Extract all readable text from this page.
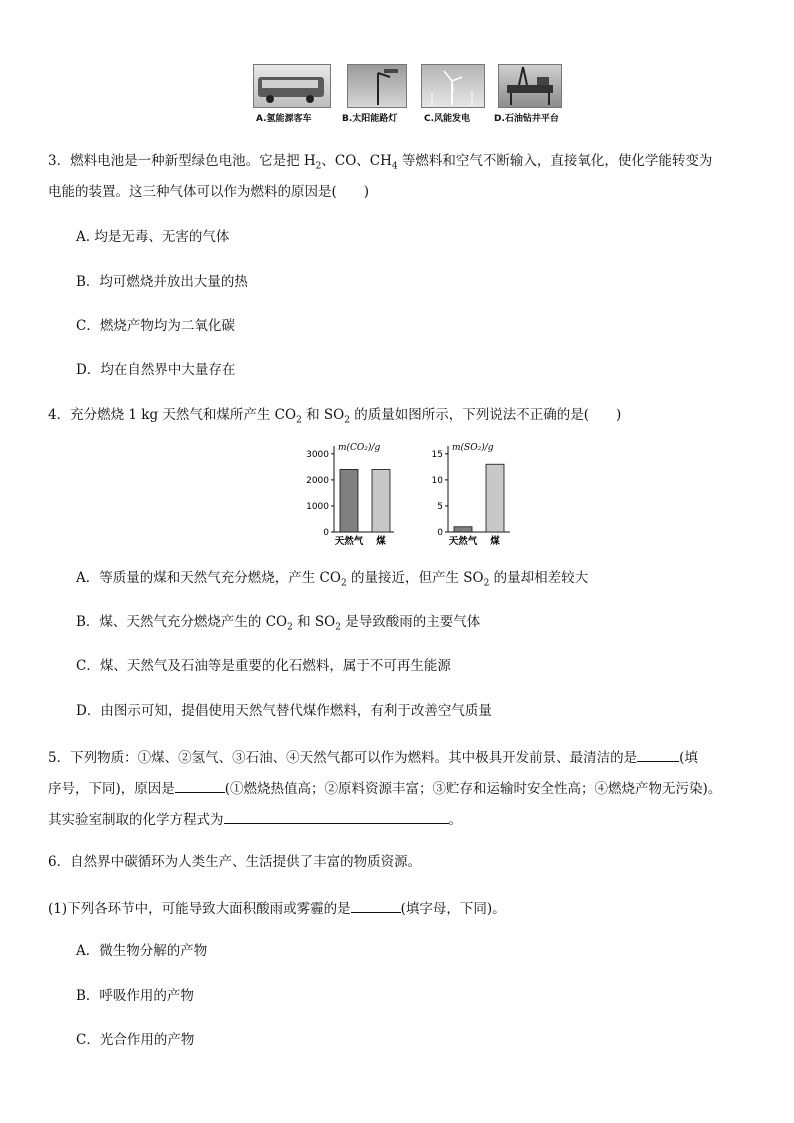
A.氢能源客车	B.太阳能路灯	C.风能发电	D.石油钻井平台
3．燃料电池是一种新型绿色电池。它是把 $H_2$、CO、$CH_4$ 等燃料和空气不断输入，直接氧化，使化学能转变为
电能的装置。这三种气体可以作为燃料的原因是(　　)
A. 均是无毒、无害的气体
B．均可燃烧并放出大量的热
C．燃烧产物均为二氧化碳
D．均在自然界中大量存在
4．充分燃烧 1 kg 天然气和煤所产生 $CO_2$ 和 $SO_2$ 的质量如图所示，下列说法不正确的是(　　)
m(CO₂)/g
0
1000
2000
3000
天然气 煤
m(SO₂)/g
0
5
10
15
天然气 煤
A．等质量的煤和天然气充分燃烧，产生 $CO_2$ 的量接近，但产生 $SO_2$ 的量却相差较大
B．煤、天然气充分燃烧产生的 $CO_2$ 和 $SO_2$ 是导致酸雨的主要气体
C．煤、天然气及石油等是重要的化石燃料，属于不可再生能源
D．由图示可知，提倡使用天然气替代煤作燃料，有利于改善空气质量
5．下列物质：①煤、②氢气、③石油、④天然气都可以作为燃料。其中极具开发前景、最清洁的是	(填
序号，下同)，原因是	(①燃烧热值高；②原料资源丰富；③贮存和运输时安全性高；④燃烧产物无污染)。
其实验室制取的化学方程式为	。
6．自然界中碳循环为人类生产、生活提供了丰富的物质资源。
(1)下列各环节中，可能导致大面积酸雨或雾霾的是	(填字母，下同)。
A．微生物分解的产物
B．呼吸作用的产物
C．光合作用的产物
